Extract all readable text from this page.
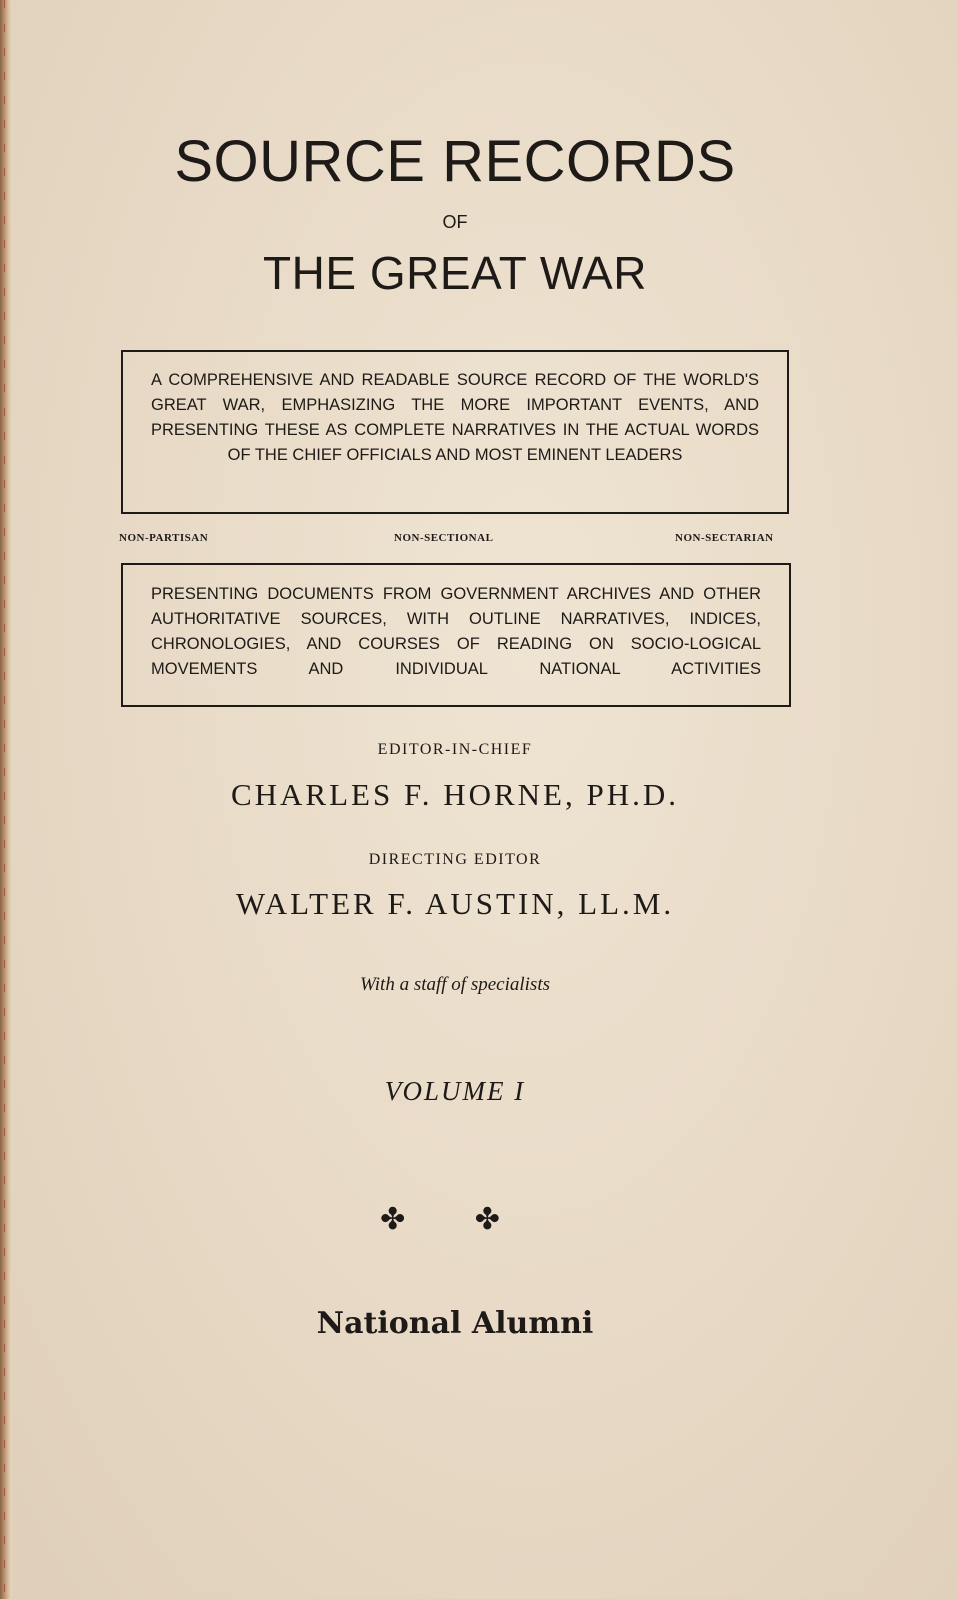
SOURCE RECORDS
OF
THE GREAT WAR
A COMPREHENSIVE AND READABLE SOURCE RECORD OF THE WORLD'S GREAT WAR, EMPHASIZING THE MORE IMPORTANT EVENTS, AND PRESENTING THESE AS COMPLETE NARRATIVES IN THE ACTUAL WORDS OF THE CHIEF OFFICIALS AND MOST EMINENT LEADERS
NON-PARTISAN	NON-SECTIONAL	NON-SECTARIAN
PRESENTING DOCUMENTS FROM GOVERNMENT ARCHIVES AND OTHER AUTHORITATIVE SOURCES, WITH OUTLINE NARRATIVES, INDICES, CHRONOLOGIES, AND COURSES OF READING ON SOCIO-LOGICAL MOVEMENTS AND INDIVIDUAL NATIONAL ACTIVITIES
EDITOR-IN-CHIEF
CHARLES F. HORNE, PH.D.
DIRECTING EDITOR
WALTER F. AUSTIN, LL.M.
With a staff of specialists
VOLUME I
✤ ✤
National Alumni
